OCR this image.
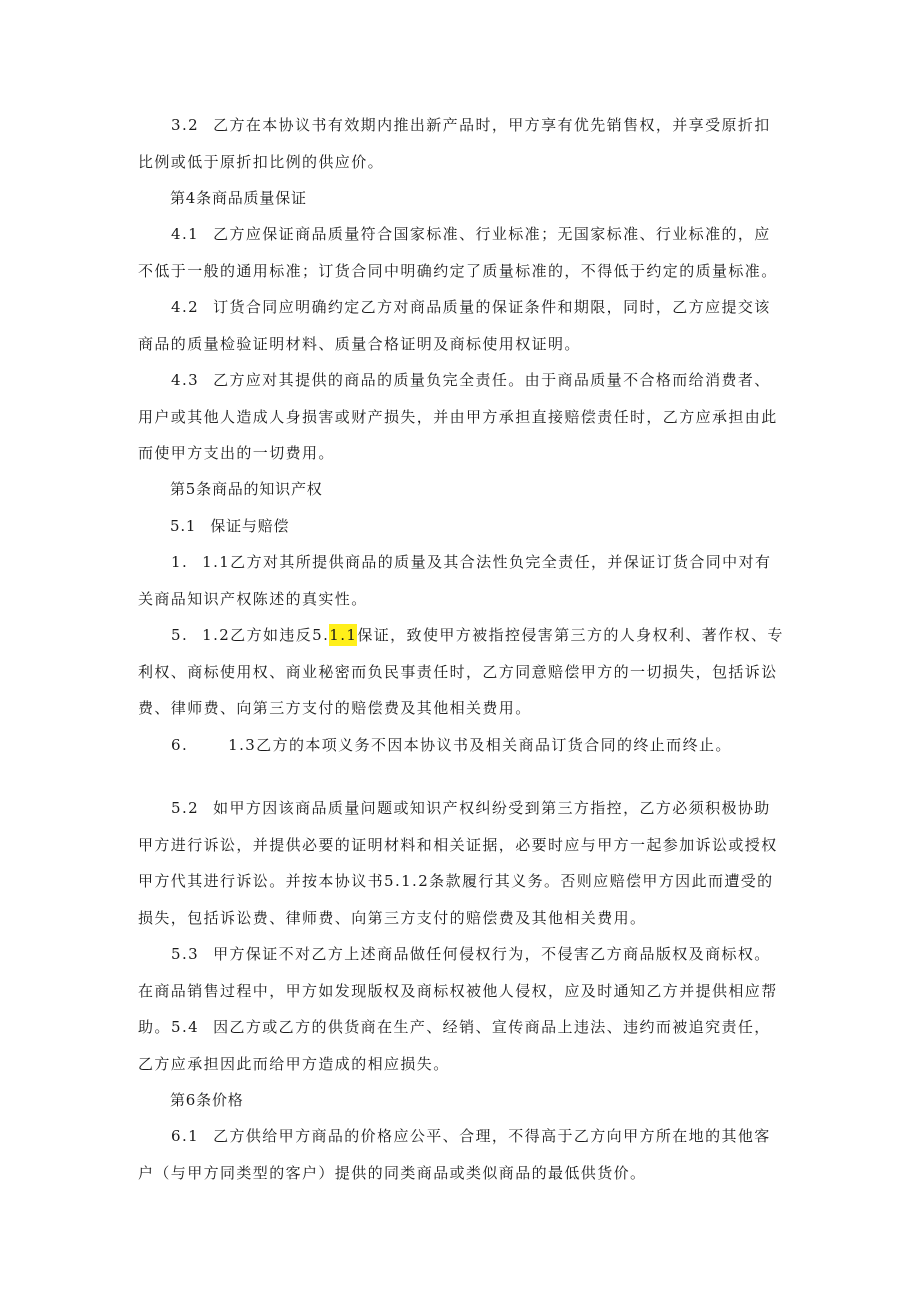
3.2 乙方在本协议书有效期内推出新产品时，甲方享有优先销售权，并享受原折扣比例或低于原折扣比例的供应价。
第4条商品质量保证
4.1 乙方应保证商品质量符合国家标准、行业标准；无国家标准、行业标准的，应不低于一般的通用标准；订货合同中明确约定了质量标准的，不得低于约定的质量标准。
4.2 订货合同应明确约定乙方对商品质量的保证条件和期限，同时，乙方应提交该商品的质量检验证明材料、质量合格证明及商标使用权证明。
4.3 乙方应对其提供的商品的质量负完全责任。由于商品质量不合格而给消费者、用户或其他人造成人身损害或财产损失，并由甲方承担直接赔偿责任时，乙方应承担由此而使甲方支出的一切费用。
第5条商品的知识产权
5.1 保证与赔偿
1. 1.1乙方对其所提供商品的质量及其合法性负完全责任，并保证订货合同中对有关商品知识产权陈述的真实性。
5. 1.2乙方如违反5.1.1保证，致使甲方被指控侵害第三方的人身权利、著作权、专利权、商标使用权、商业秘密而负民事责任时，乙方同意赔偿甲方的一切损失，包括诉讼费、律师费、向第三方支付的赔偿费及其他相关费用。
6.	1.3乙方的本项义务不因本协议书及相关商品订货合同的终止而终止。
5.2 如甲方因该商品质量问题或知识产权纠纷受到第三方指控，乙方必须积极协助甲方进行诉讼，并提供必要的证明材料和相关证据，必要时应与甲方一起参加诉讼或授权甲方代其进行诉讼。并按本协议书5.1.2条款履行其义务。否则应赔偿甲方因此而遭受的损失，包括诉讼费、律师费、向第三方支付的赔偿费及其他相关费用。
5.3 甲方保证不对乙方上述商品做任何侵权行为，不侵害乙方商品版权及商标权。在商品销售过程中，甲方如发现版权及商标权被他人侵权，应及时通知乙方并提供相应帮助。 5.4 因乙方或乙方的供货商在生产、经销、宣传商品上违法、违约而被追究责任，乙方应承担因此而给甲方造成的相应损失。
第6条价格
6.1 乙方供给甲方商品的价格应公平、合理，不得高于乙方向甲方所在地的其他客户（与甲方同类型的客户）提供的同类商品或类似商品的最低供货价。
